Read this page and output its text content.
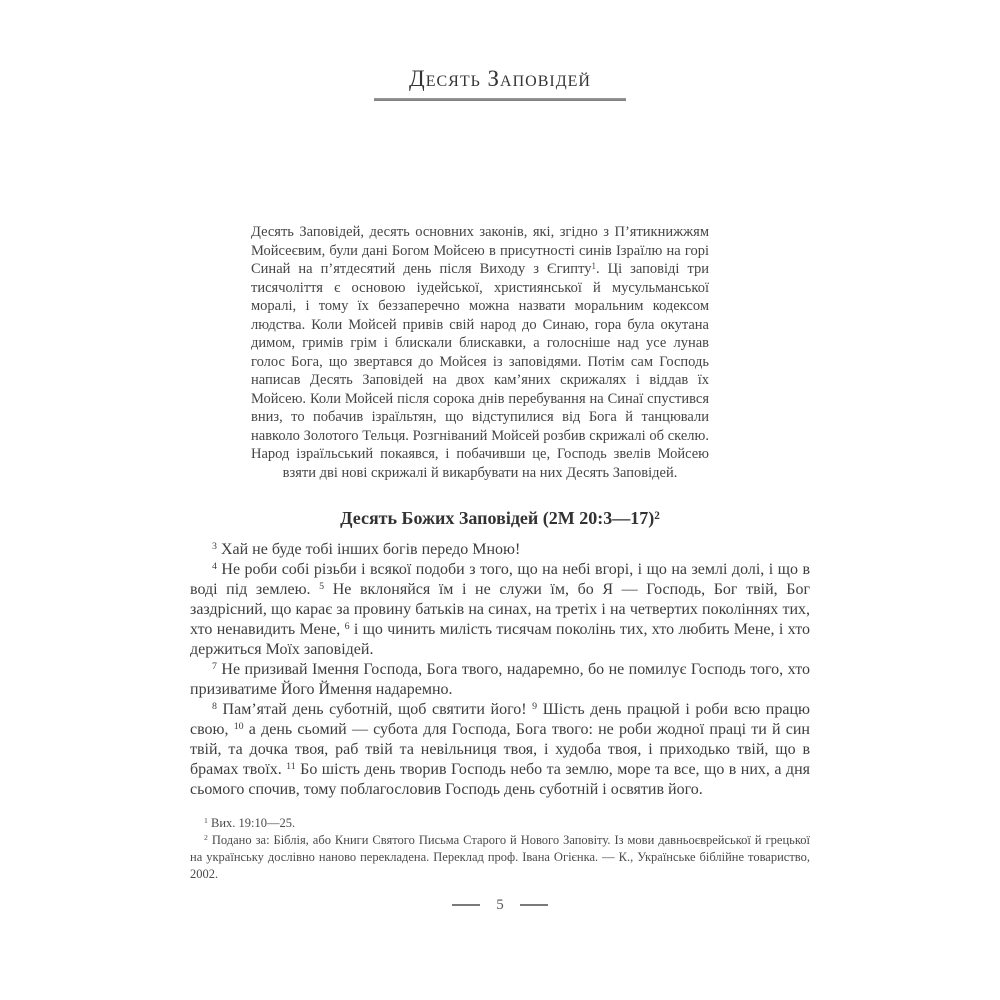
Десять Заповідей

Десять Заповідей, десять основних законів, які, згідно з П’ятикнижжям Мойсеєвим, були дані Богом Мойсею в присутності синів Ізраїлю на горі Синай на п’ятдесятий день після Виходу з Єгипту$^1$. Ці заповіді три тисячоліття є основою іудейської, християнської й мусульманської моралі, і тому їх беззаперечно можна назвати моральним кодексом людства. Коли Мойсей привів свій народ до Синаю, гора була окутана димом, гримів грім і блискали блискавки, а голосніше над усе лунав голос Бога, що звертався до Мойсея із заповідями. Потім сам Господь написав Десять Заповідей на двох кам’яних скрижалях і віддав їх Мойсею. Коли Мойсей після сорока днів перебування на Синаї спустився вниз, то побачив ізраїльтян, що відступилися від Бога й танцювали навколо Золотого Тельця. Розгніваний Мойсей розбив скрижалі об скелю. Народ ізраїльський покаявся, і побачивши це, Господь звелів Мойсею взяти дві нові скрижалі й викарбувати на них Десять Заповідей.

Десять Божих Заповідей (2М 20:3—17)$^2$

$^3$ Хай не буде тобі інших богів передо Мною!

$^4$ Не роби собі різьби і всякої подоби з того, що на небі вгорі, і що на землі долі, і що в воді під землею. $^5$ Не вклоняйся їм і не служи їм, бо Я — Господь, Бог твій, Бог заздрісний, що карає за провину батьків на синах, на третіх і на четвертих поколіннях тих, хто ненавидить Мене, $^6$ і що чинить милість тисячам поколінь тих, хто любить Мене, і хто держиться Моїх заповідей.

$^7$ Не призивай Імення Господа, Бога твого, надаремно, бо не помилує Господь того, хто призиватиме Його Ймення надаремно.

$^8$ Пам’ятай день суботній, щоб святити його! $^9$ Шість день працюй і роби всю працю свою, $^{10}$ а день сьомий — субота для Господа, Бога твого: не роби жодної праці ти й син твій, та дочка твоя, раб твій та невільниця твоя, і худоба твоя, і приходько твій, що в брамах твоїх. $^{11}$ Бо шість день творив Господь небо та землю, море та все, що в них, а дня сьомого спочив, тому поблагословив Господь день суботній і освятив його.

$^1$ Вих. 19:10—25.

$^2$ Подано за: Біблія, або Книги Святого Письма Старого й Нового Заповіту. Із мови давньоєврейської й грецької на українську дослівно наново перекладена. Переклад проф. Івана Огієнка. — К., Українське біблійне товариство, 2002.

5
